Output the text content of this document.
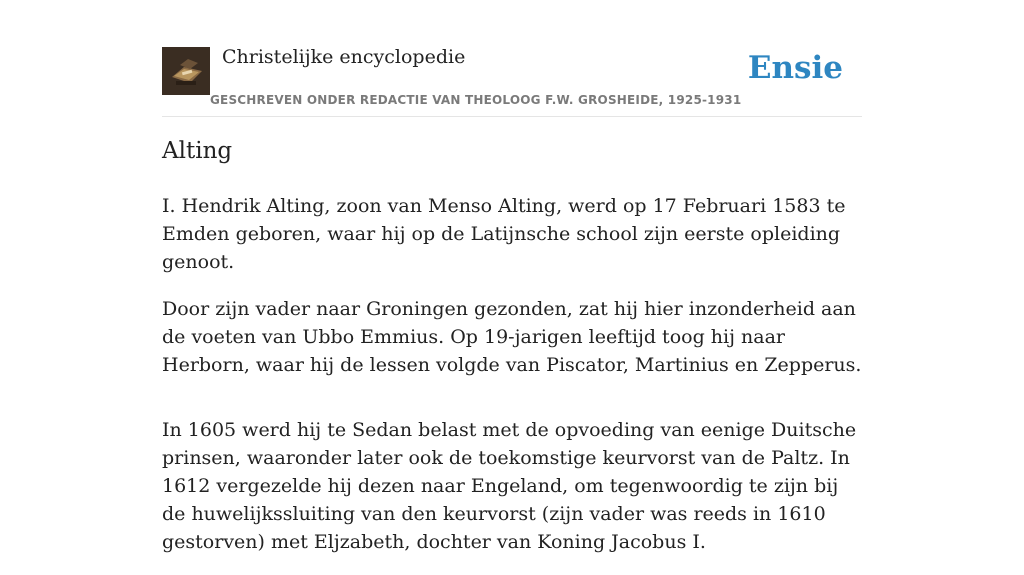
Christelijke encyclopedie
GESCHREVEN ONDER REDACTIE VAN THEOLOOG F.W. GROSHEIDE, 1925-1931
Ensie
Alting

I. Hendrik Alting, zoon van Menso Alting, werd op 17 Februari 1583 te Emden geboren, waar hij op de Latijnsche school zijn eerste opleiding genoot.

Door zijn vader naar Groningen gezonden, zat hij hier inzonderheid aan de voeten van Ubbo Emmius. Op 19-jarigen leeftijd toog hij naar Herborn, waar hij de lessen volgde van Piscator, Martinius en Zepperus.

In 1605 werd hij te Sedan belast met de opvoeding van eenige Duitsche prinsen, waaronder later ook de toekomstige keurvorst van de Paltz. In 1612 vergezelde hij dezen naar Engeland, om tegenwoordig te zijn bij de huwelijkssluiting van den keurvorst (zijn vader was reeds in 1610 gestorven) met Eljzabeth, dochter van Koning Jacobus I.
